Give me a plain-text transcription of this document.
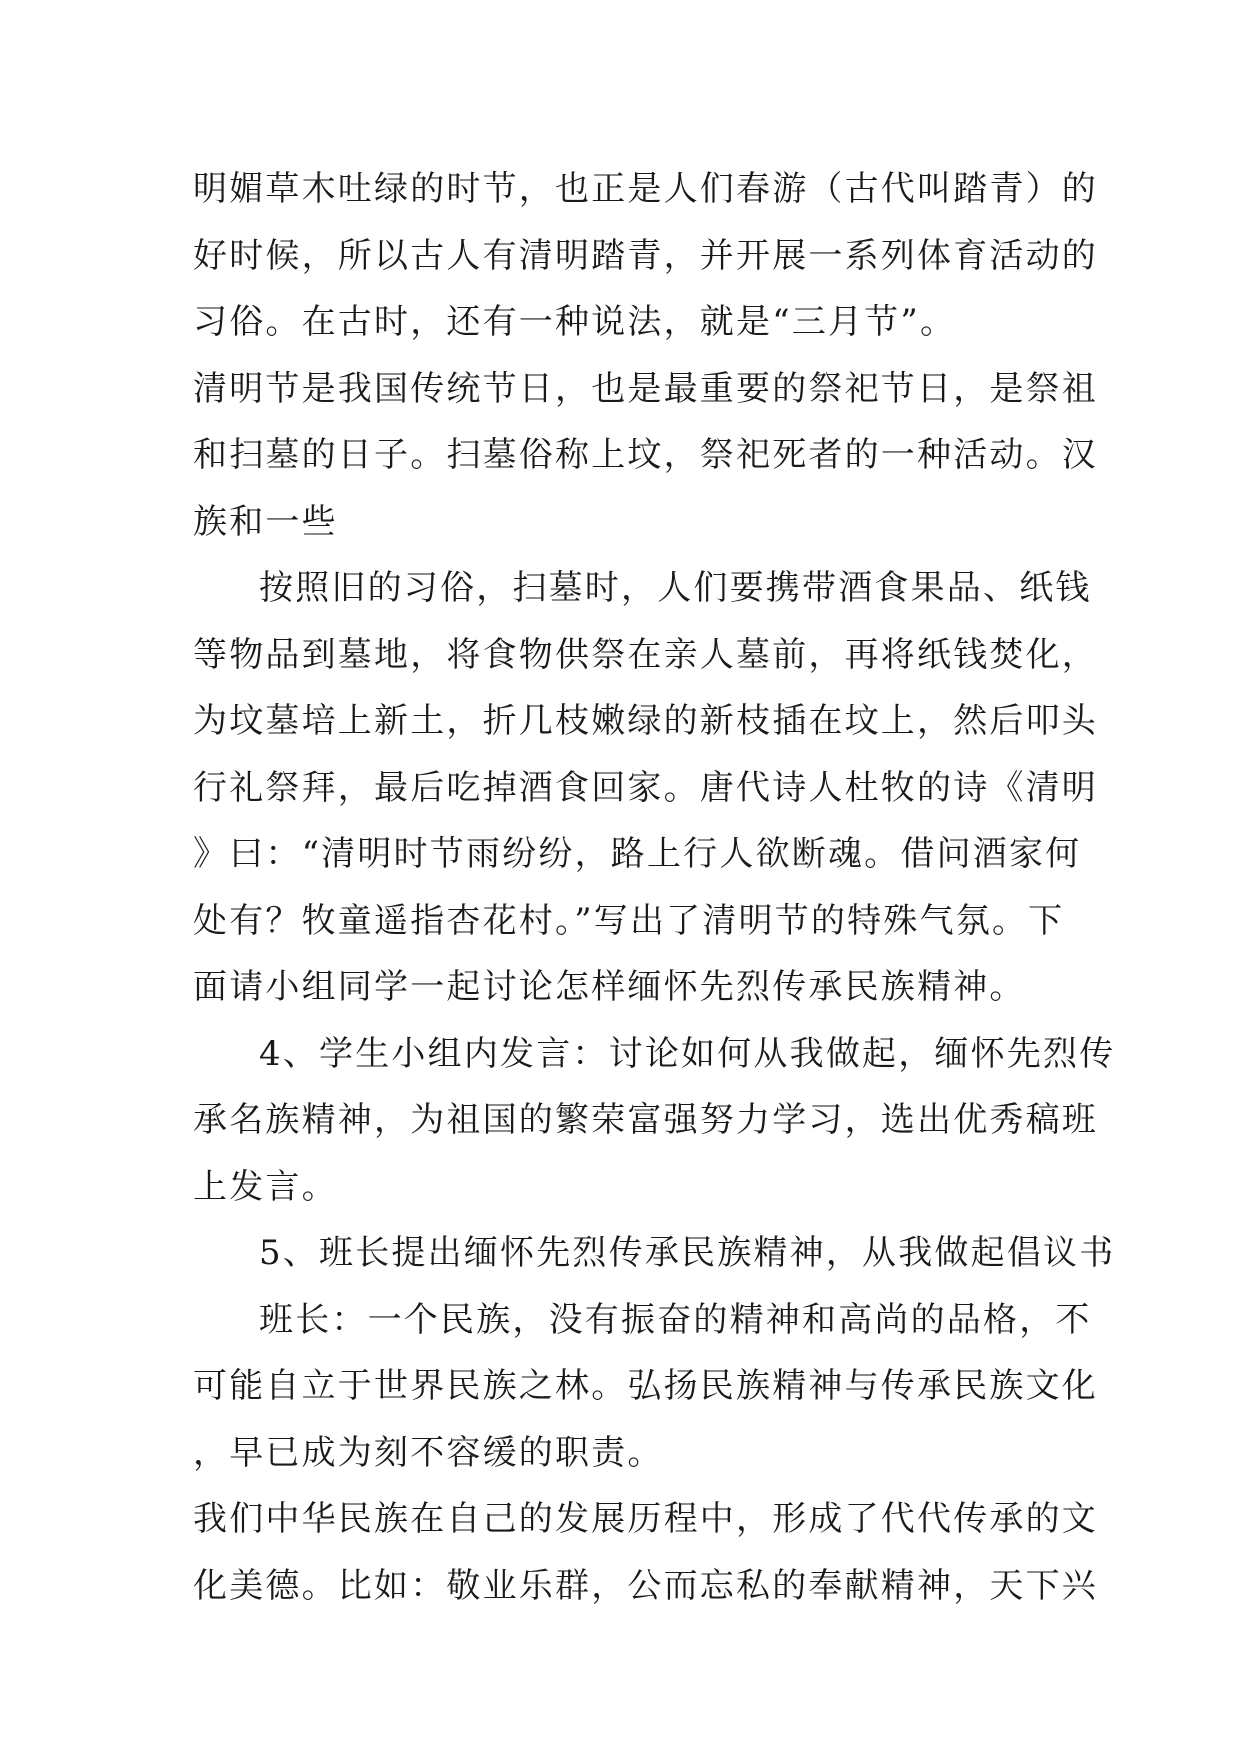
明媚草木吐绿的时节，也正是人们春游（古代叫踏青）的
好时候，所以古人有清明踏青，并开展一系列体育活动的
习俗。在古时，还有一种说法，就是“三月节”。
清明节是我国传统节日，也是最重要的祭祀节日，是祭祖
和扫墓的日子。扫墓俗称上坟，祭祀死者的一种活动。汉
族和一些
按照旧的习俗，扫墓时，人们要携带酒食果品、纸钱
等物品到墓地，将食物供祭在亲人墓前，再将纸钱焚化，
为坟墓培上新土，折几枝嫩绿的新枝插在坟上，然后叩头
行礼祭拜，最后吃掉酒食回家。唐代诗人杜牧的诗《清明
》曰：“清明时节雨纷纷，路上行人欲断魂。借问酒家何
处有？牧童遥指杏花村。”写出了清明节的特殊气氛。下
面请小组同学一起讨论怎样缅怀先烈传承民族精神。
4、学生小组内发言：讨论如何从我做起，缅怀先烈传
承名族精神，为祖国的繁荣富强努力学习，选出优秀稿班
上发言。
5、班长提出缅怀先烈传承民族精神，从我做起倡议书
班长：一个民族，没有振奋的精神和高尚的品格，不
可能自立于世界民族之林。弘扬民族精神与传承民族文化
，早已成为刻不容缓的职责。
我们中华民族在自己的发展历程中，形成了代代传承的文
化美德。比如：敬业乐群，公而忘私的奉献精神，天下兴
